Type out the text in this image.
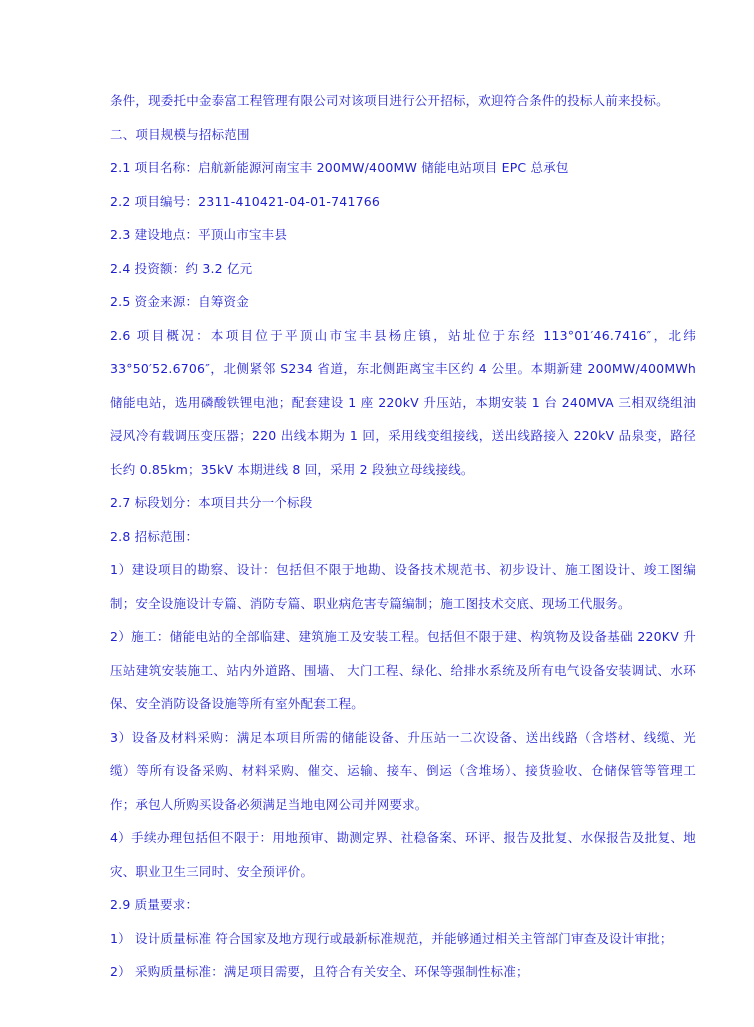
条件，现委托中金泰富工程管理有限公司对该项目进行公开招标，欢迎符合条件的投标人前来投标。

二、项目规模与招标范围

2.1 项目名称：启航新能源河南宝丰 200MW/400MW 储能电站项目 EPC 总承包

2.2 项目编号：2311-410421-04-01-741766

2.3 建设地点：平顶山市宝丰县

2.4 投资额：约 3.2 亿元

2.5 资金来源：自筹资金

2.6 项目概况：本项目位于平顶山市宝丰县杨庄镇，站址位于东经 113°01′46.7416″，北纬 33°50′52.6706″，北侧紧邻 S234 省道，东北侧距离宝丰区约 4 公里。本期新建 200MW/400MWh 储能电站，选用磷酸铁锂电池；配套建设 1 座 220kV 升压站，本期安装 1 台 240MVA 三相双绕组油浸风冷有载调压变压器；220 出线本期为 1 回，采用线变组接线，送出线路接入 220kV 品泉变，路径长约 0.85km；35kV 本期进线 8 回，采用 2 段独立母线接线。

2.7 标段划分：本项目共分一个标段

2.8 招标范围：

1）建设项目的勘察、设计：包括但不限于地勘、设备技术规范书、初步设计、施工图设计、竣工图编制；安全设施设计专篇、消防专篇、职业病危害专篇编制；施工图技术交底、现场工代服务。

2）施工：储能电站的全部临建、建筑施工及安装工程。包括但不限于建、构筑物及设备基础 220KV 升压站建筑安装施工、站内外道路、围墙、 大门工程、绿化、给排水系统及所有电气设备安装调试、水环保、安全消防设备设施等所有室外配套工程。

3）设备及材料采购：满足本项目所需的储能设备、升压站一二次设备、送出线路（含塔材、线缆、光缆）等所有设备采购、材料采购、催交、运输、接车、倒运（含堆场）、接货验收、仓储保管等管理工作；承包人所购买设备必须满足当地电网公司并网要求。

4）手续办理包括但不限于：用地预审、勘测定界、社稳备案、环评、报告及批复、水保报告及批复、地灾、职业卫生三同时、安全预评价。

2.9 质量要求：

1） 设计质量标准 符合国家及地方现行或最新标准规范，并能够通过相关主管部门审查及设计审批；

2） 采购质量标准：满足项目需要，且符合有关安全、环保等强制性标准；
